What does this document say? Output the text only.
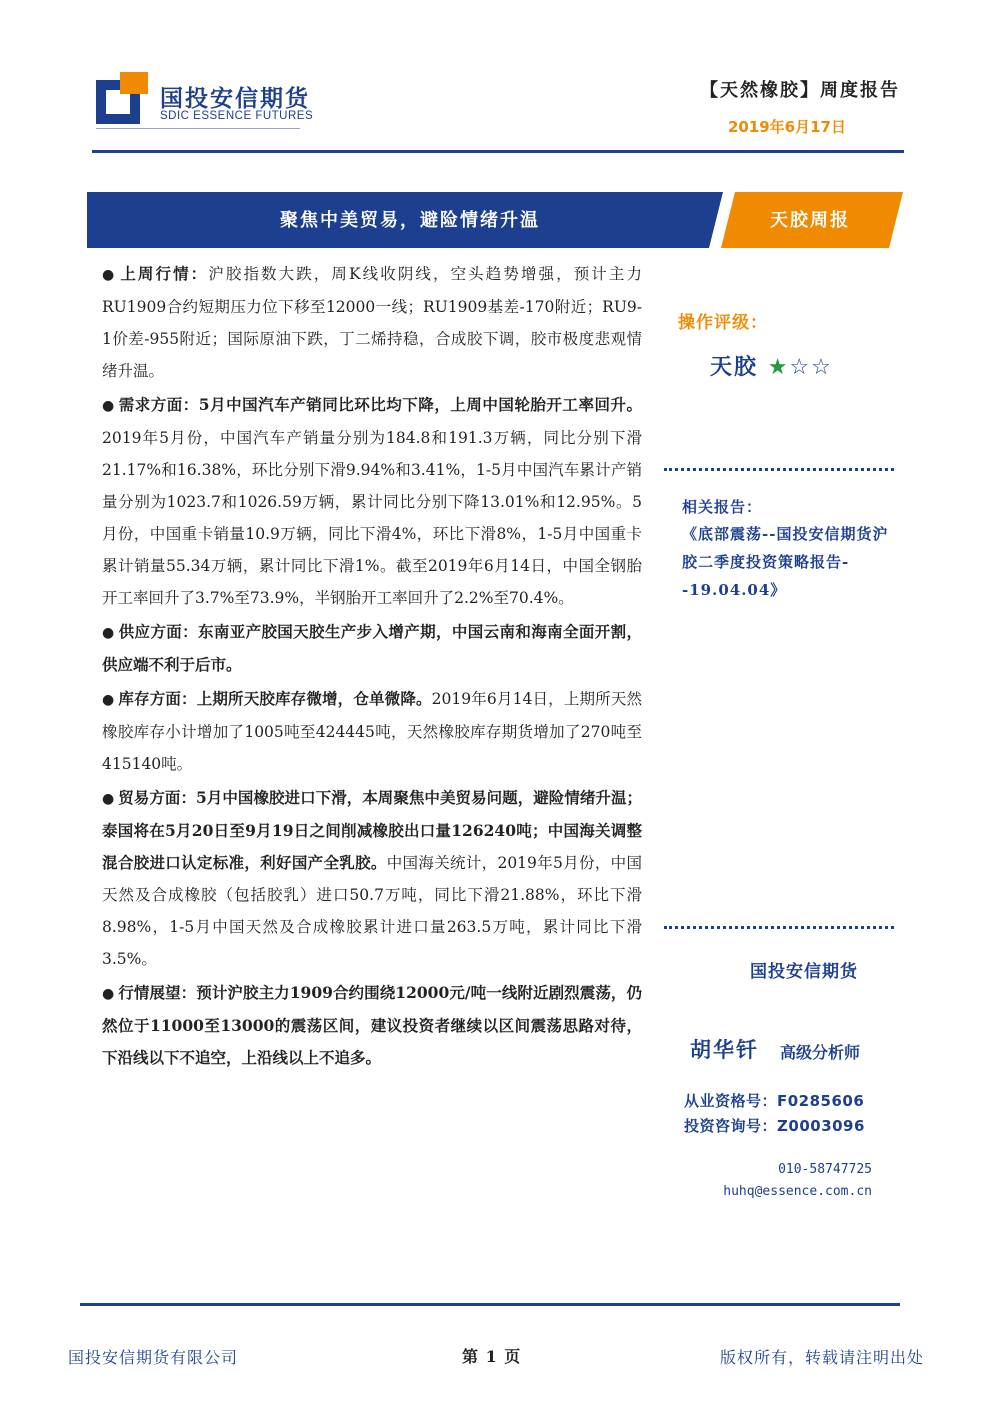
国投安信期货
SDIC ESSENCE FUTURES
【天然橡胶】周度报告
2019年6月17日
聚焦中美贸易，避险情绪升温	天胶周报

● 上周行情：沪胶指数大跌，周K线收阴线，空头趋势增强，预计主力RU1909合约短期压力位下移至12000一线；RU1909基差-170附近；RU9-1价差-955附近；国际原油下跌，丁二烯持稳，合成胶下调，胶市极度悲观情绪升温。

● 需求方面：5月中国汽车产销同比环比均下降，上周中国轮胎开工率回升。2019年5月份，中国汽车产销量分别为184.8和191.3万辆，同比分别下滑21.17%和16.38%，环比分别下滑9.94%和3.41%，1-5月中国汽车累计产销量分别为1023.7和1026.59万辆，累计同比分别下降13.01%和12.95%。5月份，中国重卡销量10.9万辆，同比下滑4%，环比下滑8%，1-5月中国重卡累计销量55.34万辆，累计同比下滑1%。截至2019年6月14日，中国全钢胎开工率回升了3.7%至73.9%，半钢胎开工率回升了2.2%至70.4%。

● 供应方面：东南亚产胶国天胶生产步入增产期，中国云南和海南全面开割，供应端不利于后市。

● 库存方面：上期所天胶库存微增，仓单微降。2019年6月14日，上期所天然橡胶库存小计增加了1005吨至424445吨，天然橡胶库存期货增加了270吨至415140吨。

● 贸易方面：5月中国橡胶进口下滑，本周聚焦中美贸易问题，避险情绪升温；泰国将在5月20日至9月19日之间削减橡胶出口量126240吨；中国海关调整混合胶进口认定标准，利好国产全乳胶。中国海关统计，2019年5月份，中国天然及合成橡胶（包括胶乳）进口50.7万吨，同比下滑21.88%，环比下滑8.98%，1-5月中国天然及合成橡胶累计进口量263.5万吨，累计同比下滑3.5%。

● 行情展望：预计沪胶主力1909合约围绕12000元/吨一线附近剧烈震荡，仍然位于11000至13000的震荡区间，建议投资者继续以区间震荡思路对待，下沿线以下不追空，上沿线以上不追多。

操作评级：
天胶 ★☆☆
相关报告：
《底部震荡--国投安信期货沪胶二季度投资策略报告--19.04.04》
国投安信期货
胡华钎 高级分析师
从业资格号：F0285606
投资咨询号：Z0003096
010-58747725
huhq@essence.com.cn
国投安信期货有限公司	第 1 页	版权所有，转载请注明出处
